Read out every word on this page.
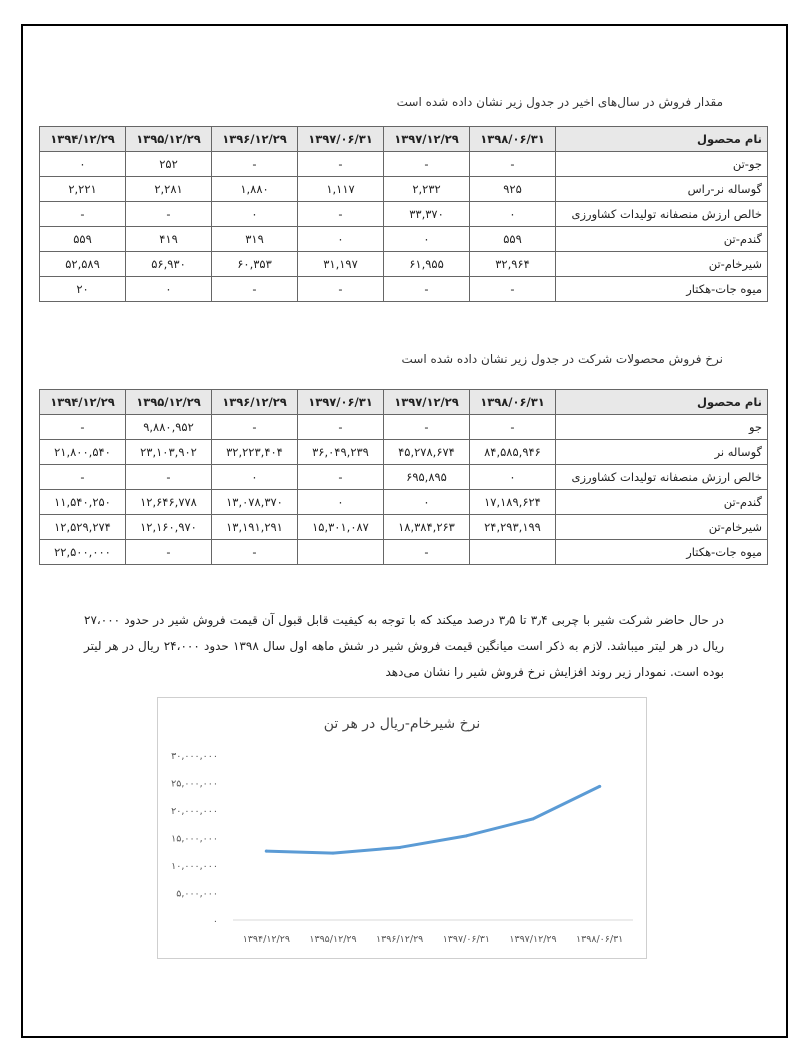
مقدار فروش در سال‌های اخیر در جدول زیر نشان داده شده است
نام محصول	۱۳۹۸/۰۶/۳۱	۱۳۹۷/۱۲/۲۹	۱۳۹۷/۰۶/۳۱	۱۳۹۶/۱۲/۲۹	۱۳۹۵/۱۲/۲۹	۱۳۹۴/۱۲/۲۹
جو-تن	-	-	-	-	۲۵۲	۰
گوساله نر-راس	۹۲۵	۲,۲۳۲	۱,۱۱۷	۱,۸۸۰	۲,۲۸۱	۲,۲۲۱
خالص ارزش منصفانه تولیدات کشاورزی	۰	۳۳,۳۷۰	-	۰	-	-
گندم-تن	۵۵۹	۰	۰	۳۱۹	۴۱۹	۵۵۹
شیرخام-تن	۳۲,۹۶۴	۶۱,۹۵۵	۳۱,۱۹۷	۶۰,۳۵۳	۵۶,۹۳۰	۵۲,۵۸۹
میوه جات-هکتار	-	-	-	-	۰	۲۰
نرخ فروش محصولات شرکت در جدول زیر نشان داده شده است
نام محصول	۱۳۹۸/۰۶/۳۱	۱۳۹۷/۱۲/۲۹	۱۳۹۷/۰۶/۳۱	۱۳۹۶/۱۲/۲۹	۱۳۹۵/۱۲/۲۹	۱۳۹۴/۱۲/۲۹
جو	-	-	-	-	۹,۸۸۰,۹۵۲	-
گوساله نر	۸۴,۵۸۵,۹۴۶	۴۵,۲۷۸,۶۷۴	۳۶,۰۴۹,۲۳۹	۳۲,۲۲۳,۴۰۴	۲۳,۱۰۳,۹۰۲	۲۱,۸۰۰,۵۴۰
خالص ارزش منصفانه تولیدات کشاورزی	۰	۶۹۵,۸۹۵	-	۰	-	-
گندم-تن	۱۷,۱۸۹,۶۲۴	۰	۰	۱۳,۰۷۸,۳۷۰	۱۲,۶۴۶,۷۷۸	۱۱,۵۴۰,۲۵۰
شیرخام-تن	۲۴,۲۹۳,۱۹۹	۱۸,۳۸۴,۲۶۳	۱۵,۳۰۱,۰۸۷	۱۳,۱۹۱,۲۹۱	۱۲,۱۶۰,۹۷۰	۱۲,۵۲۹,۲۷۴
میوه جات-هکتار		-		-	-	۲۲,۵۰۰,۰۰۰
در حال حاضر شرکت شیر با چربی ۳٫۴ تا ۳٫۵ درصد میکند که با توجه به کیفیت قابل قبول آن قیمت فروش شیر در حدود ۲۷،۰۰۰ ریال در هر لیتر میباشد. لازم به ذکر است میانگین قیمت فروش شیر در شش ماهه اول سال ۱۳۹۸ حدود ۲۴،۰۰۰ ریال در هر لیتر بوده است. نمودار زیر روند افزایش نرخ فروش شیر را نشان می‌دهد
نرخ شیرخام-ریال در هر تن
۰
۵,۰۰۰,۰۰۰
۱۰,۰۰۰,۰۰۰
۱۵,۰۰۰,۰۰۰
۲۰,۰۰۰,۰۰۰
۲۵,۰۰۰,۰۰۰
۳۰,۰۰۰,۰۰۰
۱۳۹۴/۱۲/۲۹ ۱۳۹۵/۱۲/۲۹ ۱۳۹۶/۱۲/۲۹ ۱۳۹۷/۰۶/۳۱ ۱۳۹۷/۱۲/۲۹ ۱۳۹۸/۰۶/۳۱
